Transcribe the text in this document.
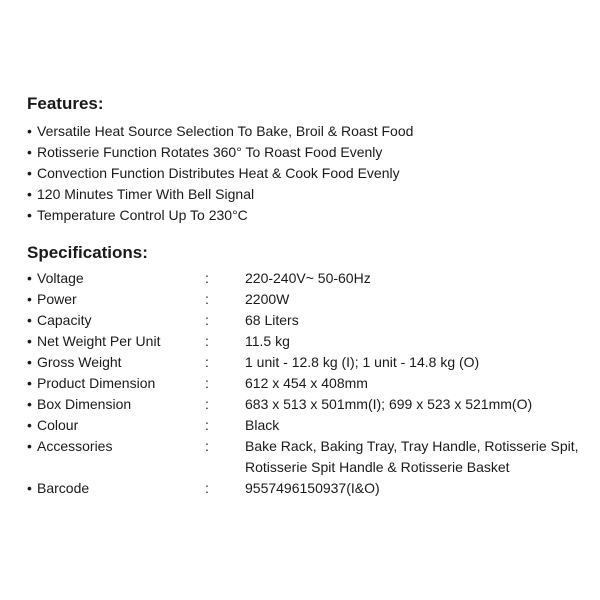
Features:
• Versatile Heat Source Selection To Bake, Broil & Roast Food
• Rotisserie Function Rotates 360° To Roast Food Evenly
• Convection Function Distributes Heat & Cook Food Evenly
• 120 Minutes Timer With Bell Signal
• Temperature Control Up To 230°C
Specifications:
• Voltage	:	220-240V~ 50-60Hz
• Power	:	2200W
• Capacity	:	68 Liters
• Net Weight Per Unit	:	11.5 kg
• Gross Weight	:	1 unit - 12.8 kg (I); 1 unit - 14.8 kg (O)
• Product Dimension	:	612 x 454 x 408mm
• Box Dimension	:	683 x 513 x 501mm(I); 699 x 523 x 521mm(O)
• Colour	:	Black
• Accessories	:	Bake Rack, Baking Tray, Tray Handle, Rotisserie Spit,
Rotisserie Spit Handle & Rotisserie Basket
• Barcode	:	9557496150937(I&O)
